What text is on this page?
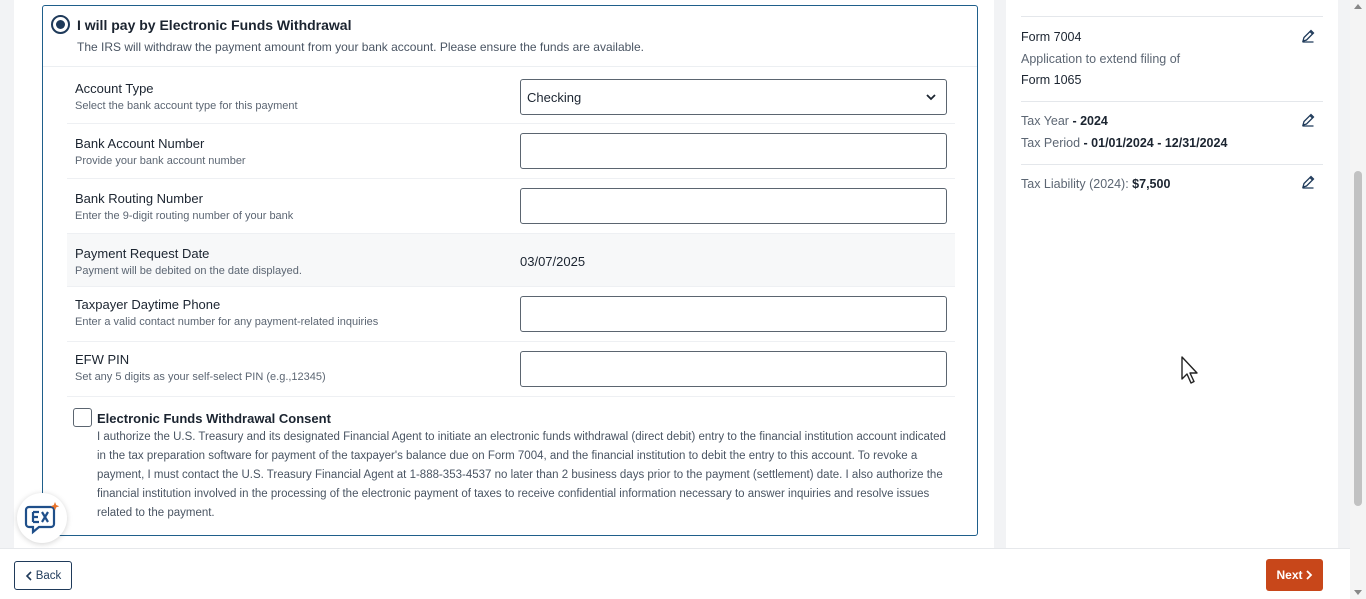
I will pay by Electronic Funds Withdrawal
The IRS will withdraw the payment amount from your bank account. Please ensure the funds are available.
Account Type
Select the bank account type for this payment
Checking
Bank Account Number
Provide your bank account number
Bank Routing Number
Enter the 9-digit routing number of your bank
Payment Request Date
Payment will be debited on the date displayed.
03/07/2025
Taxpayer Daytime Phone
Enter a valid contact number for any payment-related inquiries
EFW PIN
Set any 5 digits as your self-select PIN (e.g.,12345)
Electronic Funds Withdrawal Consent
I authorize the U.S. Treasury and its designated Financial Agent to initiate an electronic funds withdrawal (direct debit) entry to the financial institution account indicated in the tax preparation software for payment of the taxpayer's balance due on Form 7004, and the financial institution to debit the entry to this account. To revoke a payment, I must contact the U.S. Treasury Financial Agent at 1-888-353-4537 no later than 2 business days prior to the payment (settlement) date. I also authorize the financial institution involved in the processing of the electronic payment of taxes to receive confidential information necessary to answer inquiries and resolve issues related to the payment.
Form 7004
Application to extend filing of
Form 1065
Tax Year - 2024
Tax Period - 01/01/2024 - 12/31/2024
Tax Liability (2024): $7,500
Back	Next
